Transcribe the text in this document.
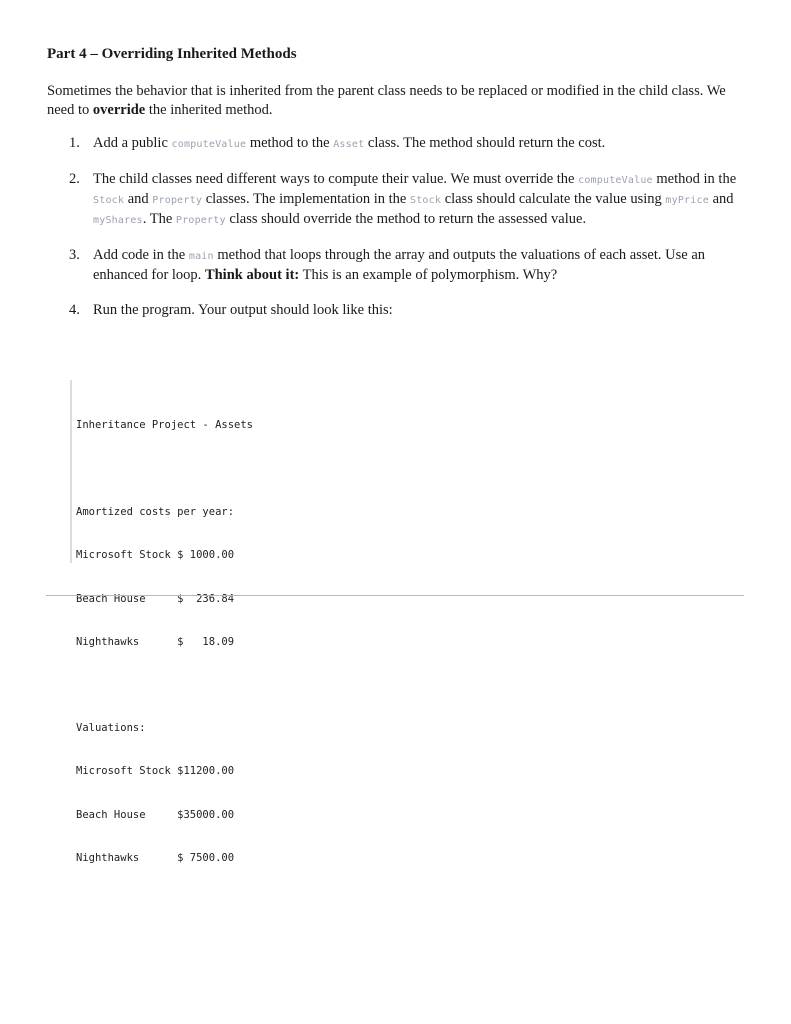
Part 4 – Overriding Inherited Methods
Sometimes the behavior that is inherited from the parent class needs to be replaced or modified in the child class. We need to override the inherited method.
1. Add a public computeValue method to the Asset class. The method should return the cost.
2. The child classes need different ways to compute their value. We must override the computeValue method in the Stock and Property classes. The implementation in the Stock class should calculate the value using myPrice and myShares. The Property class should override the method to return the assessed value.
3. Add code in the main method that loops through the array and outputs the valuations of each asset. Use an enhanced for loop. Think about it: This is an example of polymorphism. Why?
4. Run the program. Your output should look like this:

Inheritance Project - Assets

Amortized costs per year:

Microsoft Stock $ 1000.00

Beach House     $  236.84

Nighthawks      $   18.09

Valuations:

Microsoft Stock $11200.00

Beach House     $35000.00

Nighthawks      $ 7500.00
